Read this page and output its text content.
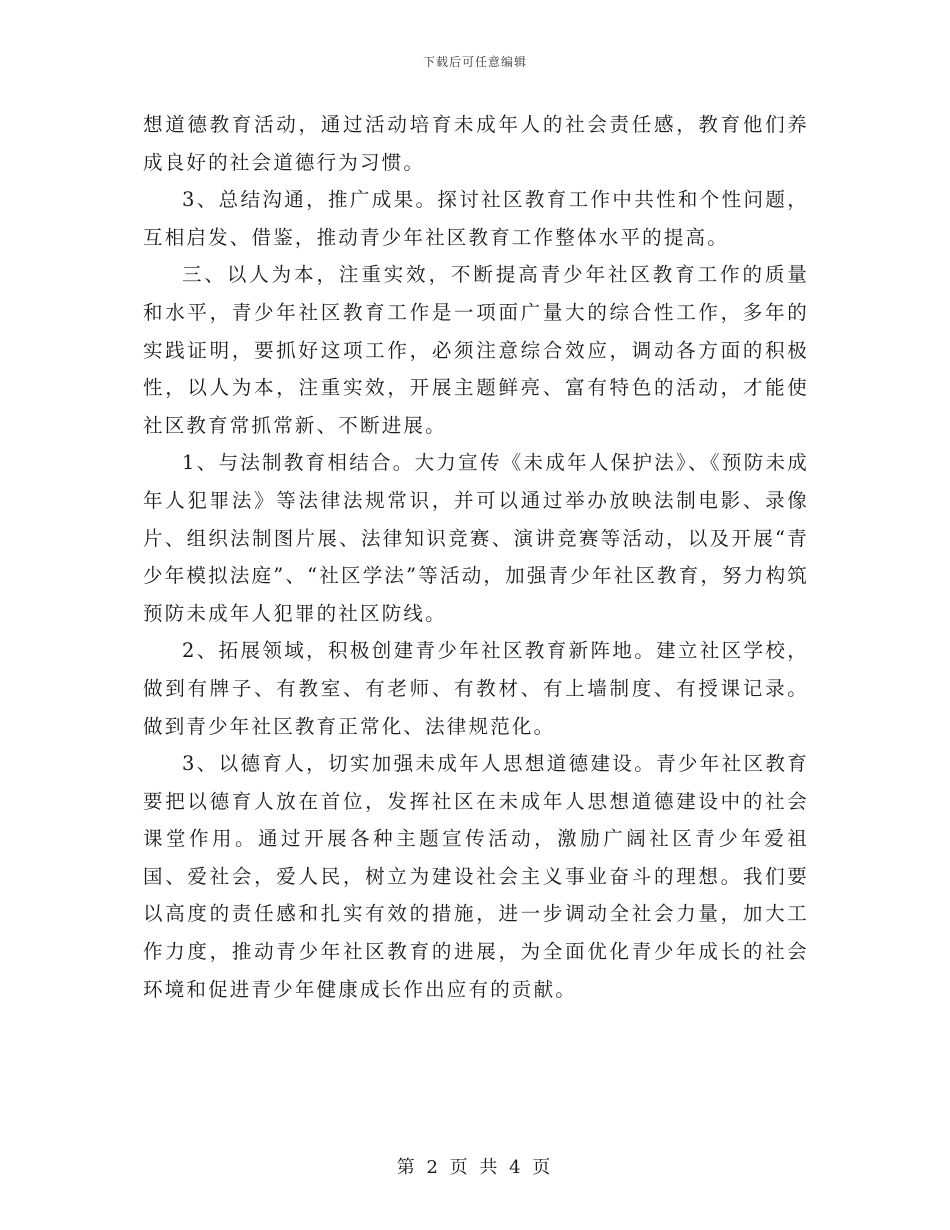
下载后可任意编辑

想道德教育活动，通过活动培育未成年人的社会责任感，教育他们养成良好的社会道德行为习惯。

3、总结沟通，推广成果。探讨社区教育工作中共性和个性问题，互相启发、借鉴，推动青少年社区教育工作整体水平的提高。

三、以人为本，注重实效，不断提高青少年社区教育工作的质量和水平，青少年社区教育工作是一项面广量大的综合性工作，多年的实践证明，要抓好这项工作，必须注意综合效应，调动各方面的积极性，以人为本，注重实效，开展主题鲜亮、富有特色的活动，才能使社区教育常抓常新、不断进展。

1、与法制教育相结合。大力宣传《未成年人保护法》、《预防未成年人犯罪法》等法律法规常识，并可以通过举办放映法制电影、录像片、组织法制图片展、法律知识竞赛、演讲竞赛等活动，以及开展“青少年模拟法庭”、“社区学法”等活动，加强青少年社区教育，努力构筑预防未成年人犯罪的社区防线。

2、拓展领域，积极创建青少年社区教育新阵地。建立社区学校，做到有牌子、有教室、有老师、有教材、有上墙制度、有授课记录。做到青少年社区教育正常化、法律规范化。

3、以德育人，切实加强未成年人思想道德建设。青少年社区教育要把以德育人放在首位，发挥社区在未成年人思想道德建设中的社会课堂作用。通过开展各种主题宣传活动，激励广阔社区青少年爱祖国、爱社会，爱人民，树立为建设社会主义事业奋斗的理想。我们要以高度的责任感和扎实有效的措施，进一步调动全社会力量，加大工作力度，推动青少年社区教育的进展，为全面优化青少年成长的社会环境和促进青少年健康成长作出应有的贡献。

第 2 页 共 4 页
